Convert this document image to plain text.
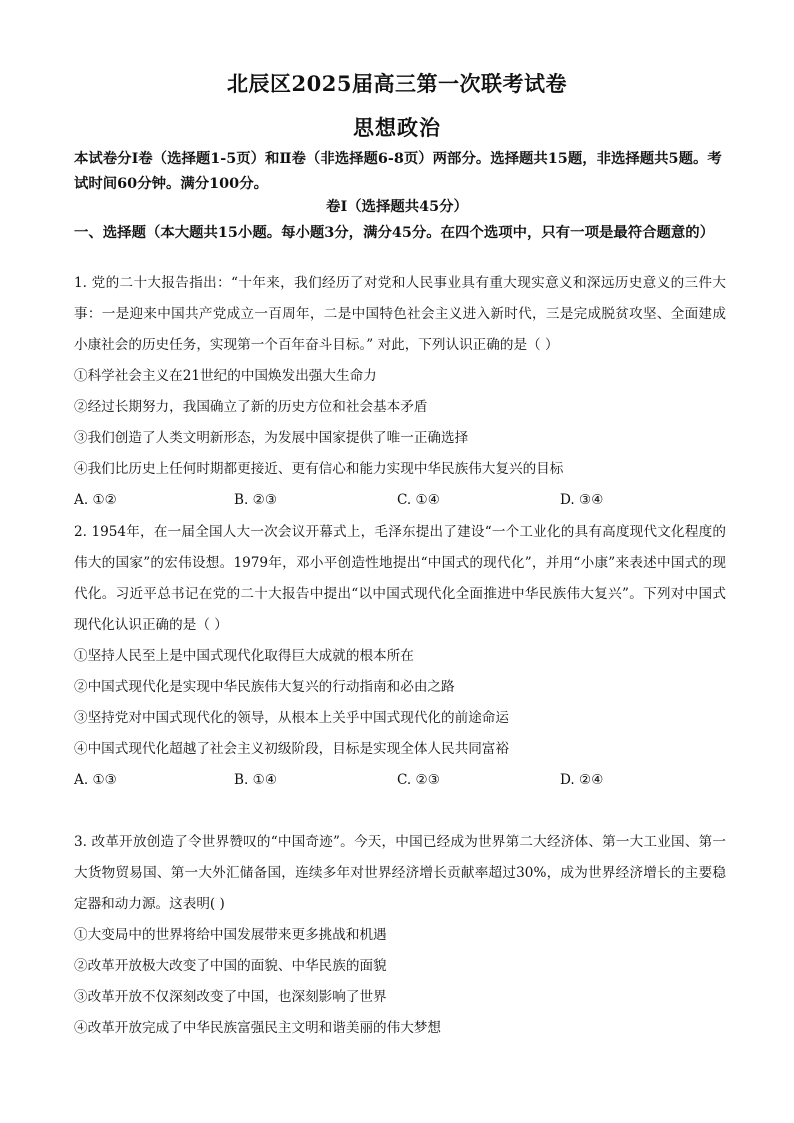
北辰区2025届高三第一次联考试卷
思想政治
本试卷分Ⅰ卷（选择题1-5页）和Ⅱ卷（非选择题6-8页）两部分。选择题共15题，非选择题共5题。考试时间60分钟。满分100分。
卷Ⅰ（选择题共45分）
一、选择题（本大题共15小题。每小题3分，满分45分。在四个选项中，只有一项是最符合题意的）

1. 党的二十大报告指出：“十年来，我们经历了对党和人民事业具有重大现实意义和深远历史意义的三件大事：一是迎来中国共产党成立一百周年，二是中国特色社会主义进入新时代，三是完成脱贫攻坚、全面建成小康社会的历史任务，实现第一个百年奋斗目标。” 对此，下列认识正确的是（ ）

①科学社会主义在21世纪的中国焕发出强大生命力

②经过长期努力，我国确立了新的历史方位和社会基本矛盾

③我们创造了人类文明新形态，为发展中国家提供了唯一正确选择

④我们比历史上任何时期都更接近、更有信心和能力实现中华民族伟大复兴的目标

A. ①②	B. ②③	C. ①④	D. ③④

2. 1954年，在一届全国人大一次会议开幕式上，毛泽东提出了建设“一个工业化的具有高度现代文化程度的伟大的国家”的宏伟设想。1979年，邓小平创造性地提出“中国式的现代化”，并用“小康”来表述中国式的现代化。习近平总书记在党的二十大报告中提出“以中国式现代化全面推进中华民族伟大复兴”。下列对中国式现代化认识正确的是（ ）

①坚持人民至上是中国式现代化取得巨大成就的根本所在

②中国式现代化是实现中华民族伟大复兴的行动指南和必由之路

③坚持党对中国式现代化的领导，从根本上关乎中国式现代化的前途命运

④中国式现代化超越了社会主义初级阶段，目标是实现全体人民共同富裕

A. ①③	B. ①④	C. ②③	D. ②④

3. 改革开放创造了令世界赞叹的“中国奇迹”。今天，中国已经成为世界第二大经济体、第一大工业国、第一大货物贸易国、第一大外汇储备国，连续多年对世界经济增长贡献率超过30%，成为世界经济增长的主要稳定器和动力源。这表明( )

①大变局中的世界将给中国发展带来更多挑战和机遇

②改革开放极大改变了中国的面貌、中华民族的面貌

③改革开放不仅深刻改变了中国，也深刻影响了世界

④改革开放完成了中华民族富强民主文明和谐美丽的伟大梦想
